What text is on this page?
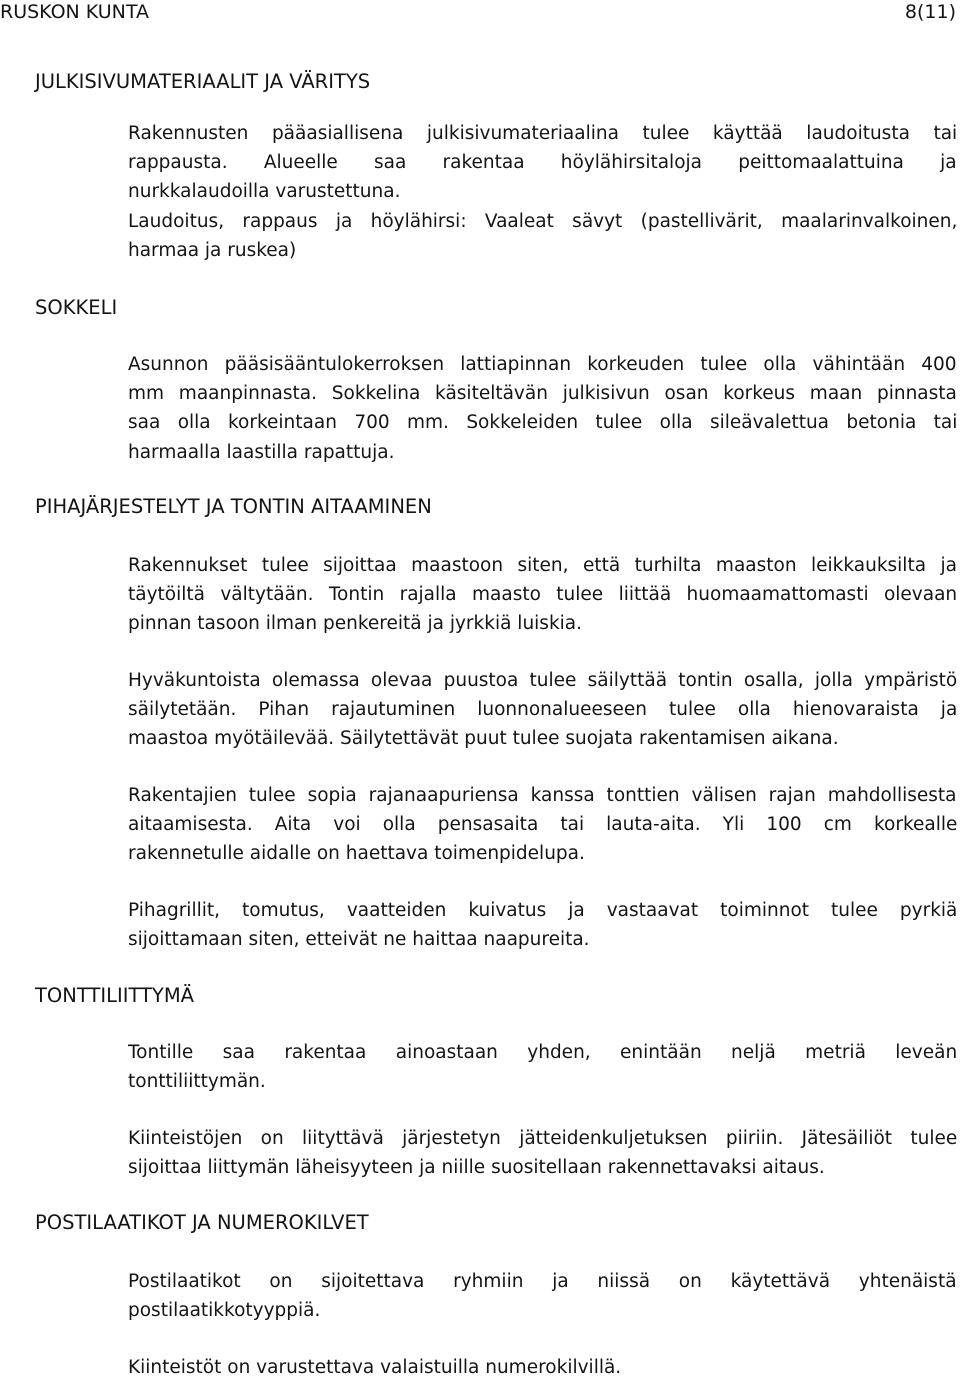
RUSKON KUNTA	8(11)
JULKISIVUMATERIAALIT JA VÄRITYS
Rakennusten pääasiallisena julkisivumateriaalina tulee käyttää laudoitusta tai
rappausta. Alueelle saa rakentaa höylähirsitaloja peittomaalattuina ja
nurkkalaudoilla varustettuna.
Laudoitus, rappaus ja höylähirsi: Vaaleat sävyt (pastellivärit, maalarinvalkoinen,
harmaa ja ruskea)
SOKKELI
Asunnon pääsisääntulokerroksen lattiapinnan korkeuden tulee olla vähintään 400
mm maanpinnasta. Sokkelina käsiteltävän julkisivun osan korkeus maan pinnasta
saa olla korkeintaan 700 mm. Sokkeleiden tulee olla sileävalettua betonia tai
harmaalla laastilla rapattuja.
PIHAJÄRJESTELYT JA TONTIN AITAAMINEN
Rakennukset tulee sijoittaa maastoon siten, että turhilta maaston leikkauksilta ja
täytöiltä vältytään. Tontin rajalla maasto tulee liittää huomaamattomasti olevaan
pinnan tasoon ilman penkereitä ja jyrkkiä luiskia.
Hyväkuntoista olemassa olevaa puustoa tulee säilyttää tontin osalla, jolla ympäristö
säilytetään. Pihan rajautuminen luonnonalueeseen tulee olla hienovaraista ja
maastoa myötäilevää. Säilytettävät puut tulee suojata rakentamisen aikana.
Rakentajien tulee sopia rajanaapuriensa kanssa tonttien välisen rajan mahdollisesta
aitaamisesta. Aita voi olla pensasaita tai lauta-aita. Yli 100 cm korkealle
rakennetulle aidalle on haettava toimenpidelupa.
Pihagrillit, tomutus, vaatteiden kuivatus ja vastaavat toiminnot tulee pyrkiä
sijoittamaan siten, etteivät ne haittaa naapureita.
TONTTILIITTYMÄ
Tontille saa rakentaa ainoastaan yhden, enintään neljä metriä leveän
tonttiliittymän.
Kiinteistöjen on liityttävä järjestetyn jätteidenkuljetuksen piiriin. Jätesäiliöt tulee
sijoittaa liittymän läheisyyteen ja niille suositellaan rakennettavaksi aitaus.
POSTILAATIKOT JA NUMEROKILVET
Postilaatikot on sijoitettava ryhmiin ja niissä on käytettävä yhtenäistä
postilaatikkotyyppiä.
Kiinteistöt on varustettava valaistuilla numerokilvillä.
